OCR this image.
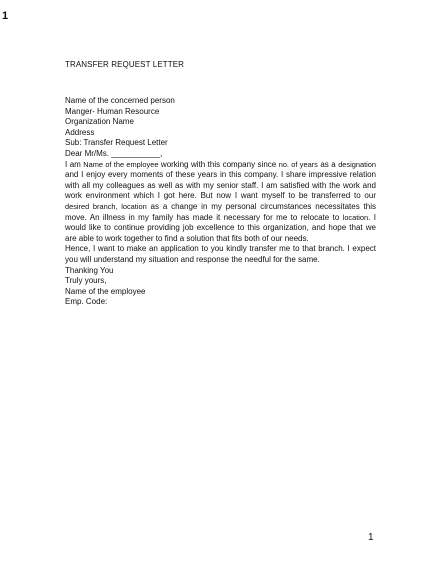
1
TRANSFER REQUEST LETTER
Name of the concerned person
Manger- Human Resource
Organization Name
Address
Sub: Transfer Request Letter
Dear Mr/Ms. ___________,
I am Name of the employee working with this company since no. of years as a designation and I enjoy every moments of these years in this company. I share impressive relation with all my colleagues as well as with my senior staff. I am satisfied with the work and work environment which I got here. But now I want myself to be transferred to our desired branch, location as a change in my personal circumstances necessitates this move. An illness in my family has made it necessary for me to relocate to location. I would like to continue providing job excellence to this organization, and hope that we are able to work together to find a solution that fits both of our needs.
Hence, I want to make an application to you kindly transfer me to that branch. I expect you will understand my situation and response the needful for the same.
Thanking You
Truly yours,
Name of the employee
Emp. Code:
1
